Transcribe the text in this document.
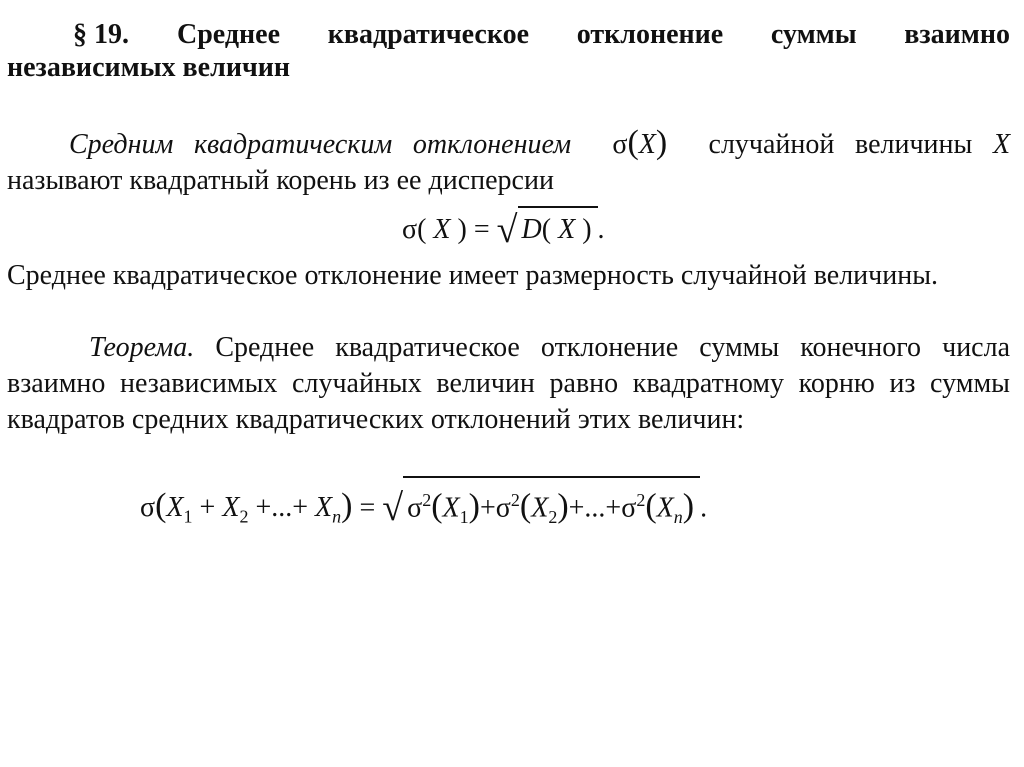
§ 19. Среднее квадратическое отклонение суммы взаимно независимых величин
Средним квадратическим отклонением σ(X) случайной величины X называют квадратный корень из ее дисперсии
σ( X ) = √ D( X ) .
Среднее квадратическое отклонение имеет размерность случайной величины.
Теорема. Среднее квадратическое отклонение суммы конечного числа взаимно независимых случайных величин равно квадратному корню из суммы квадратов средних квадратических отклонений этих величин:
$\sigma(X_1 + X_2$ +...+ $X_n$) = √ $\sigma^2(X_1)+\sigma^2(X_2)+...+\sigma^2(X_n)$ .
